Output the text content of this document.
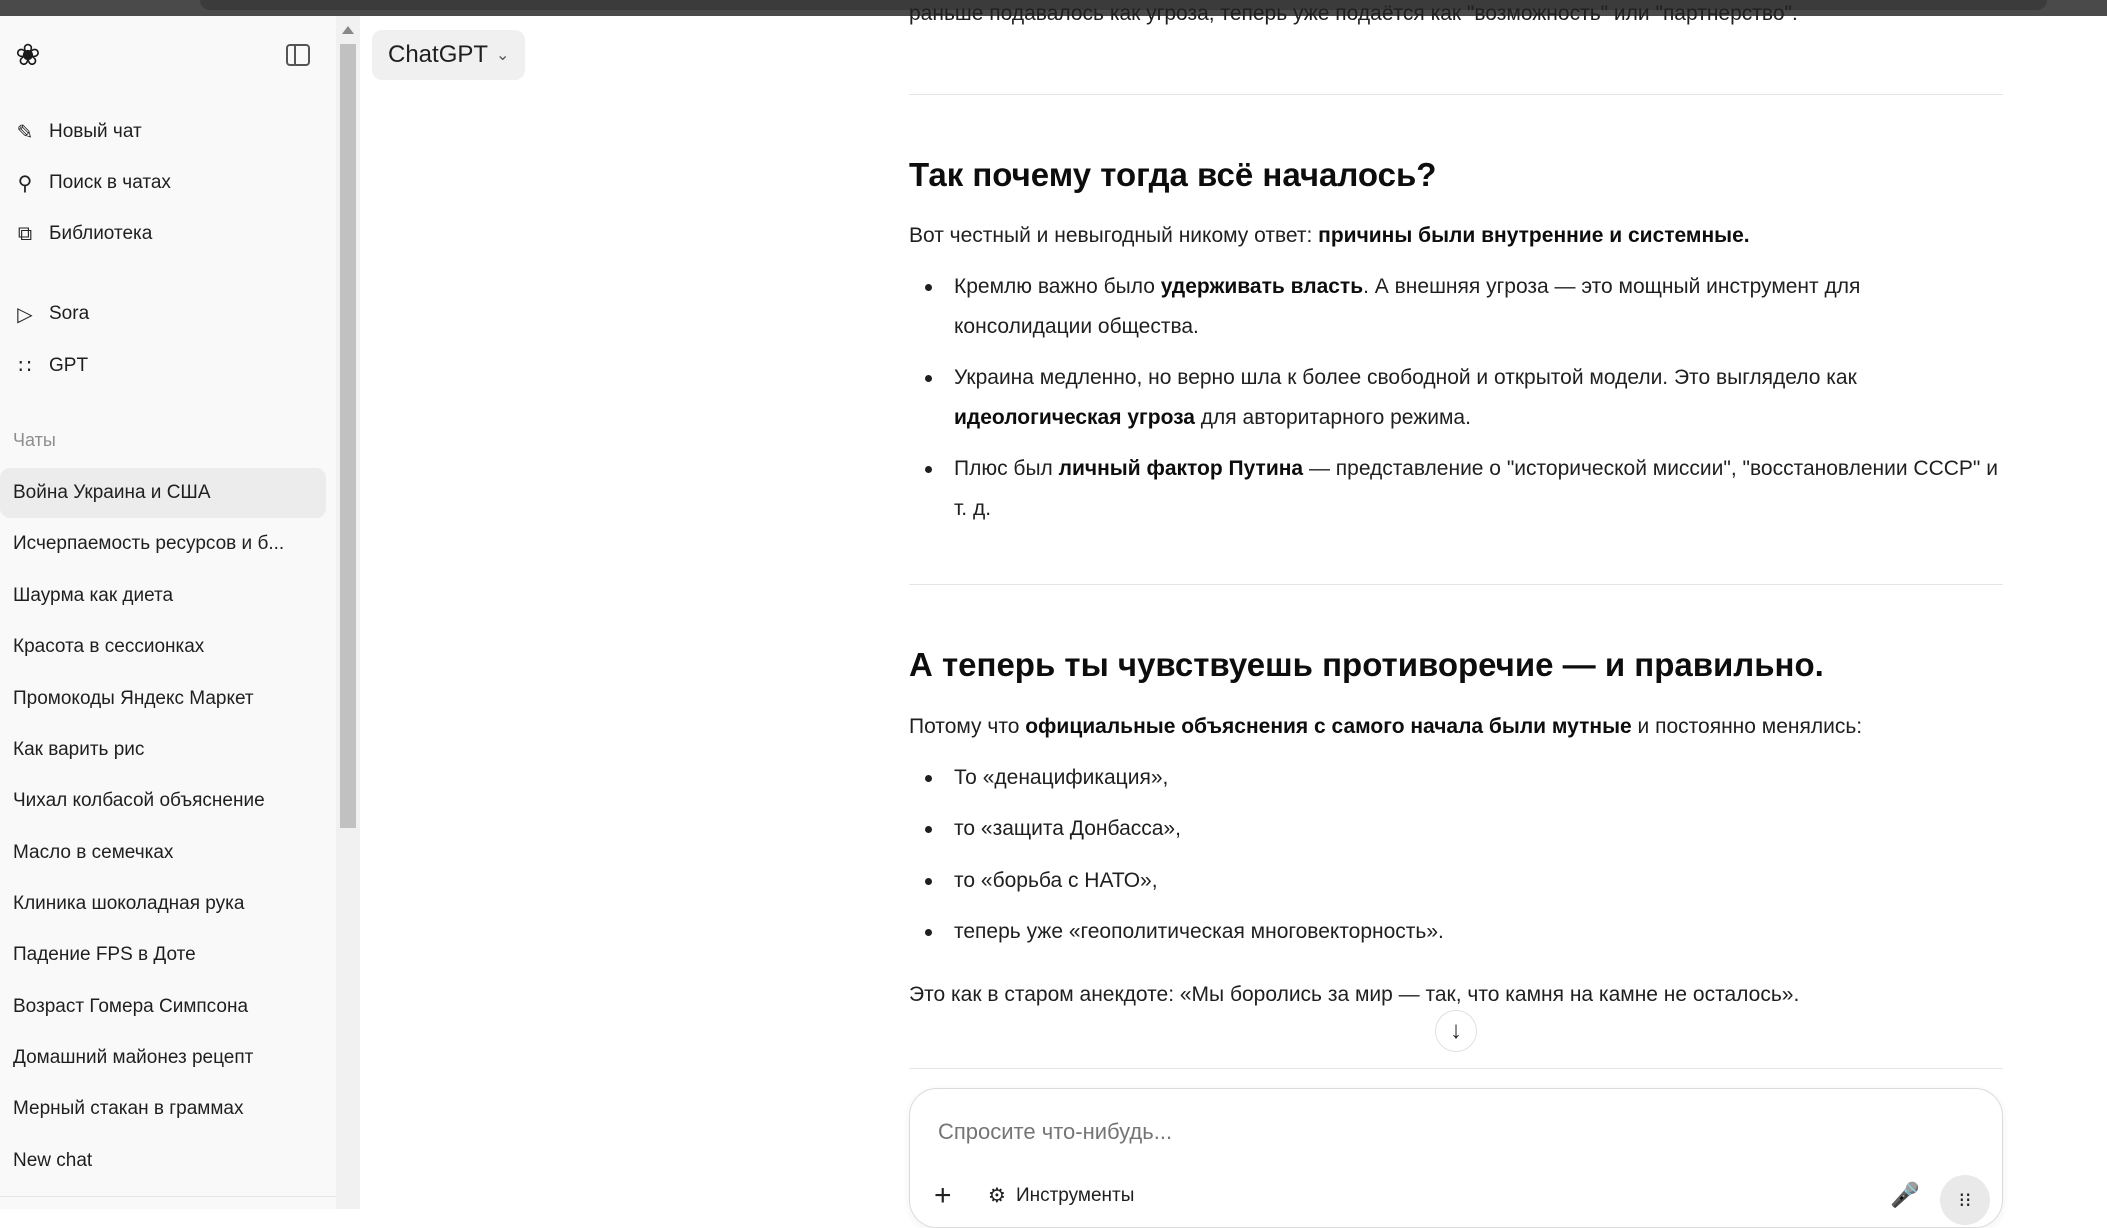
❀
✎ Новый чат
⚲ Поиск в чатах
⧉ Библиотека
▷ Sora
∷ GPT
Чаты
Война Украина и США
Исчерпаемость ресурсов и б...
Шаурма как диета
Красота в сессионках
Промокоды Яндекс Маркет
Как варить рис
Чихал колбасой объяснение
Масло в семечках
Клиника шоколадная рука
Падение FPS в Доте
Возраст Гомера Симпсона
Домашний майонез рецепт
Мерный стакан в граммах
New chat
ChatGPT ⌄
раньше подавалось как угроза, теперь уже подаётся как "возможность" или "партнерство".
Так почему тогда всё началось?
Вот честный и невыгодный никому ответ: причины были внутренние и системные.
Кремлю важно было удерживать власть. А внешняя угроза — это мощный инструмент для консолидации общества.
Украина медленно, но верно шла к более свободной и открытой модели. Это выглядело как идеологическая угроза для авторитарного режима.
Плюс был личный фактор Путина — представление о "исторической миссии", "восстановлении СССР" и т. д.
А теперь ты чувствуешь противоречие — и правильно.
Потому что официальные объяснения с самого начала были мутные и постоянно менялись:
То «денацификация»,
то «защита Донбасса»,
то «борьба с НАТО»,
теперь уже «геополитическая многовекторность».
Это как в старом анекдоте: «Мы боролись за мир — так, что камня на камне не осталось».
↓
Спросите что-нибудь...
+ ⚙ Инструменты	🎤 ⁝⁝
